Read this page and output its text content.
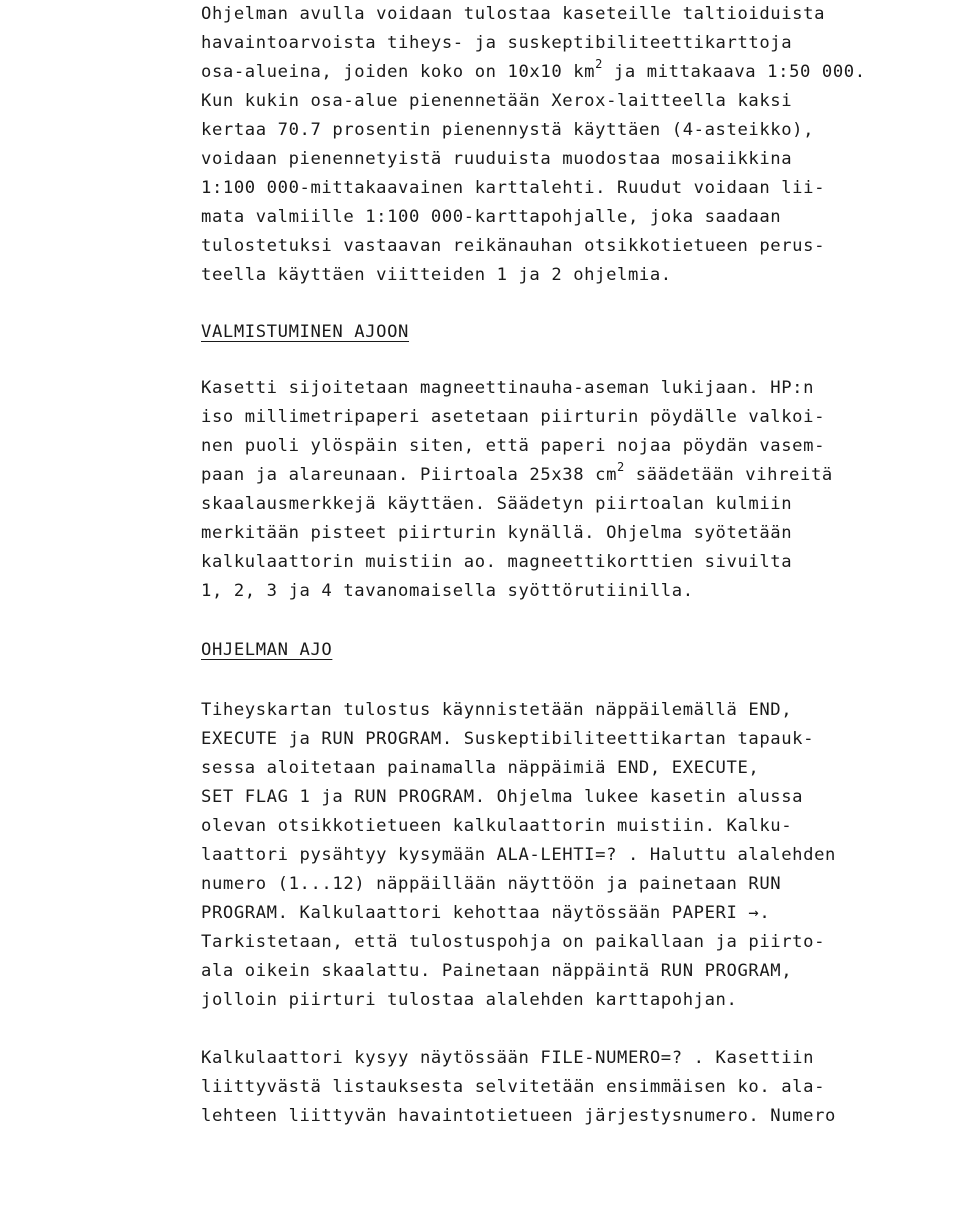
Ohjelman avulla voidaan tulostaa kaseteille taltioiduista
havaintoarvoista tiheys- ja suskeptibiliteettikarttoja
osa-alueina, joiden koko on 10x10 $km^2$ ja mittakaava 1:50 000.
Kun kukin osa-alue pienennetään Xerox-laitteella kaksi
kertaa 70.7 prosentin pienennystä käyttäen (4-asteikko),
voidaan pienennetyistä ruuduista muodostaa mosaiikkina
1:100 000-mittakaavainen karttalehti. Ruudut voidaan lii-
mata valmiille 1:100 000-karttapohjalle, joka saadaan
tulostetuksi vastaavan reikänauhan otsikkotietueen perus-
teella käyttäen viitteiden 1 ja 2 ohjelmia.
VALMISTUMINEN AJOON
Kasetti sijoitetaan magneettinauha-aseman lukijaan. HP:n
iso millimetripaperi asetetaan piirturin pöydälle valkoi-
nen puoli ylöspäin siten, että paperi nojaa pöydän vasem-
paan ja alareunaan. Piirtoala 25x38 $cm^2$ säädetään vihreitä
skaalausmerkkejä käyttäen. Säädetyn piirtoalan kulmiin
merkitään pisteet piirturin kynällä. Ohjelma syötetään
kalkulaattorin muistiin ao. magneettikorttien sivuilta
1, 2, 3 ja 4 tavanomaisella syöttörutiinilla.
OHJELMAN AJO
Tiheyskartan tulostus käynnistetään näppäilemällä END,
EXECUTE ja RUN PROGRAM. Suskeptibiliteettikartan tapauk-
sessa aloitetaan painamalla näppäimiä END, EXECUTE,
SET FLAG 1 ja RUN PROGRAM. Ohjelma lukee kasetin alussa
olevan otsikkotietueen kalkulaattorin muistiin. Kalku-
laattori pysähtyy kysymään ALA-LEHTI=? . Haluttu alalehden
numero (1...12) näppäillään näyttöön ja painetaan RUN
PROGRAM. Kalkulaattori kehottaa näytössään PAPERI →.
Tarkistetaan, että tulostuspohja on paikallaan ja piirto-
ala oikein skaalattu. Painetaan näppäintä RUN PROGRAM,
jolloin piirturi tulostaa alalehden karttapohjan.
Kalkulaattori kysyy näytössään FILE-NUMERO=? . Kasettiin
liittyvästä listauksesta selvitetään ensimmäisen ko. ala-
lehteen liittyvän havaintotietueen järjestysnumero. Numero
